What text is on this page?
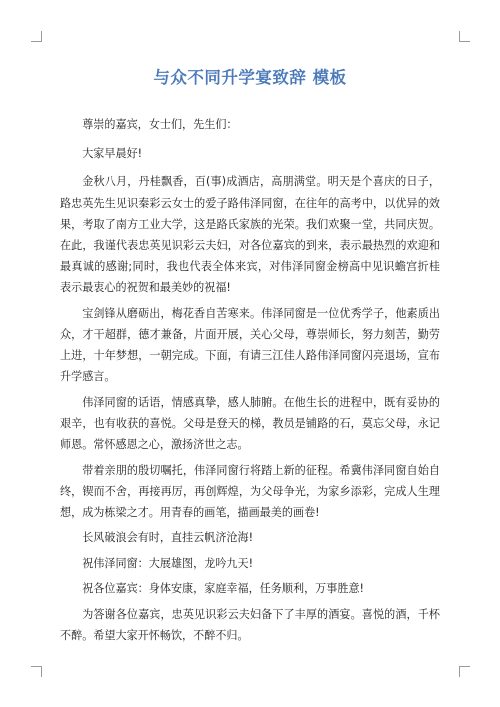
与众不同升学宴致辞 模板

尊崇的嘉宾，女士们，先生们：

大家早晨好!

金秋八月，丹桂飘香，百(事)成酒店，高朋满堂。明天是个喜庆的日子，路忠英先生见识秦彩云女士的爱子路伟泽同窗，在往年的高考中，以优异的效果，考取了南方工业大学，这是路氏家族的光荣。我们欢聚一堂，共同庆贺。在此，我谨代表忠英见识彩云夫妇，对各位嘉宾的到来，表示最热烈的欢迎和最真诚的感谢;同时，我也代表全体来宾，对伟泽同窗金榜高中见识蟾宫折桂表示最衷心的祝贺和最美妙的祝福!

宝剑锋从磨砺出，梅花香自苦寒来。伟泽同窗是一位优秀学子，他素质出众，才干超群，德才兼备，片面开展，关心父母，尊崇师长，努力刻苦，勤劳上进，十年梦想，一朝完成。下面，有请三江佳人路伟泽同窗闪亮退场，宣布升学感言。

伟泽同窗的话语，情感真挚，感人肺腑。在他生长的进程中，既有妥协的艰辛，也有收获的喜悦。父母是登天的梯，教员是铺路的石，莫忘父母，永记师恩。常怀感恩之心，激扬济世之志。

带着亲朋的殷切嘱托，伟泽同窗行将踏上新的征程。希冀伟泽同窗自始自终，锲而不舍，再接再厉，再创辉煌，为父母争光，为家乡添彩，完成人生理想，成为栋梁之才。用青春的画笔，描画最美的画卷!

长风破浪会有时，直挂云帆济沧海!

祝伟泽同窗：大展雄图，龙吟九天!

祝各位嘉宾：身体安康，家庭幸福，任务顺利，万事胜意!

为答谢各位嘉宾，忠英见识彩云夫妇备下了丰厚的酒宴。喜悦的酒，千杯不醉。希望大家开怀畅饮，不醉不归。
